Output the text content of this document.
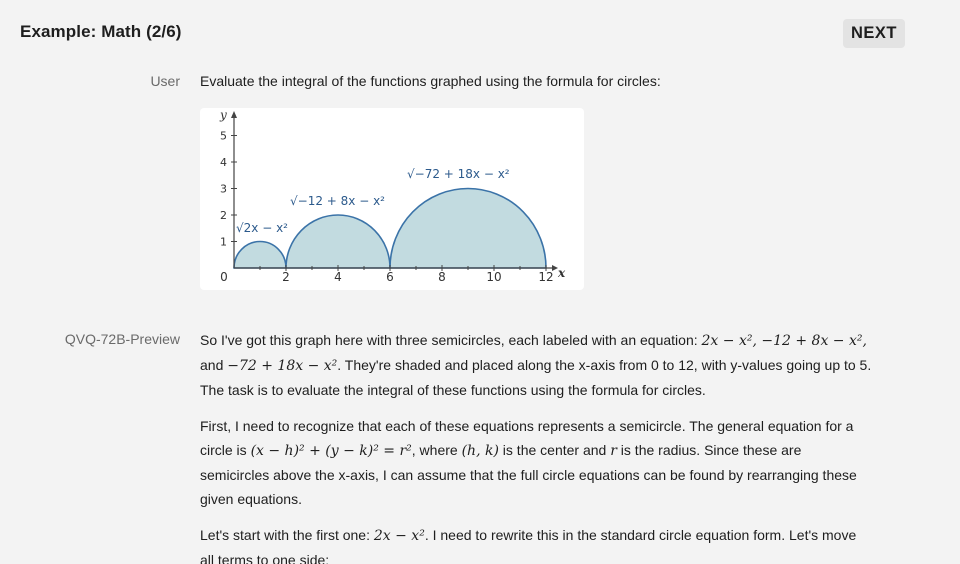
Example: Math (2/6)	NEXT
User Evaluate the integral of the functions graphed using the formula for circles:
0	2	4	6	8	10	12
1
2
3
4
5
y
x
√2x − x²
√−12 + 8x − x²
√−72 + 18x − x²
QVQ-72B-Preview So I've got this graph here with three semicircles, each labeled with an equation: 2x − x², −12 + 8x − x²,
and −72 + 18x − x². They're shaded and placed along the x-axis from 0 to 12, with y-values going up to 5.
The task is to evaluate the integral of these functions using the formula for circles.

First, I need to recognize that each of these equations represents a semicircle. The general equation for a
circle is (x − h)² + (y − k)² = r², where (h, k) is the center and r is the radius. Since these are
semicircles above the x-axis, I can assume that the full circle equations can be found by rearranging these
given equations.

Let's start with the first one: 2x − x². I need to rewrite this in the standard circle equation form. Let's move
all terms to one side:
